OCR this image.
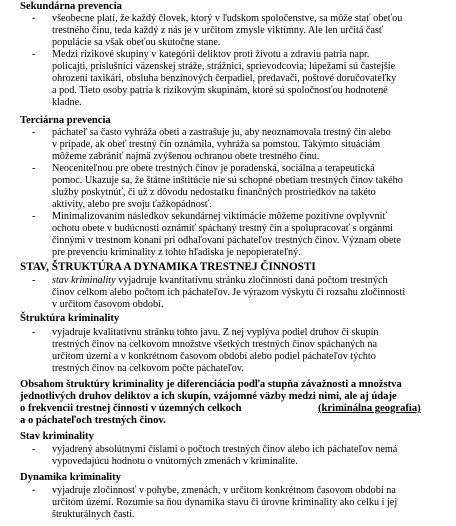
Sekundárna prevencia
- všeobecne platí, že každý človek, ktorý v ľudskom spoločenstve, sa môže stať obeťou
trestného činu, teda každý z nás je v určitom zmysle viktímny. Ale len určitá časť
populácie sa však obeťou skutočne stane.
- Medzi rizikové skupiny v kategórii deliktov proti životu a zdraviu patria napr.
policajti, príslušníci väzenskej stráže, strážnici, sprievodcovia; lúpežami sú častejšie
ohrození taxikári, obsluha benzínových čerpadiel, predavači, poštové doručovateľky
a pod. Tieto osoby patria k rizikovým skupinám, ktoré sú spoločnosťou hodnotené
kladne.
Terciárna prevencia
- páchateľ sa často vyhráža obeti a zastrašuje ju, aby neoznamovala trestný čin alebo
v prípade, ak obeť trestný čin oznámila, vyhráža sa pomstou. Takýmto situáciám
môžeme zabrániť najmä zvýšenou ochranou obete trestného činu.
- Neoceniteľnou pre obete trestných činov je poradenská, sociálna a terapeutická
pomoc. Ukazuje sa, že štátne inštitúcie nie sú schopné obetiam trestných činov takého
služby poskytnúť, či už z dôvodu nedostatku finančných prostriedkov na takéto
aktivity, alebo pre svoju ťažkopádnosť.
- Minimalizovaním následkov sekundárnej viktimácie môžeme pozitívne ovplyvniť
ochotu obete v budúcnosti oznámiť spáchaný trestný čin a spolupracovať s orgánmi
činnými v trestnom konaní pri odhaľovaní páchateľov trestných činov. Význam obete
pre prevenciu kriminality z tohto hľadiska je nepopierateľný.
STAV, ŠTRUKTÚRA A DYNAMIKA TRESTNEJ ČINNOSTI
- stav kriminality vyjadruje kvantitatívnu stránku zločinnosti daná počtom trestných
činov celkom alebo počtom ich páchateľov. Je výrazom výskytu či rozsahu zločinnosti
v určitom časovom období.
Štruktúra kriminality
- vyjadruje kvalitatívnu stránku tohto javu. Z nej vyplýva podiel druhov či skupín
trestných činov na celkovom množstve všetkých trestných činov spáchaných na
určitom území a v konkrétnom časovom období alebo podiel páchateľov týchto
trestných činov na celkovom počte páchateľov.
Obsahom štruktúry kriminality je diferenciácia podľa stupňa závažnosti a množstva
jednotlivých druhov deliktov a ich skupín, vzájomné väzby medzi nimi, ale aj údaje
o frekvencii trestnej činnosti v územných celkoch	(kriminálna geografia)
a o páchateľoch trestných činov.
Stav kriminality
- vyjadrený absolútnymi číslami o počtoch trestných činov alebo ich páchateľov nemá
vypovedajúcu hodnotu o vnútorných zmenách v kriminalite.
Dynamika kriminality
- vyjadruje zločinnosť v pohybe, zmenách, v určitom konkrétnom časovom období na
určitom území. Rozumie sa ňou dynamika stavu či úrovne kriminality ako celku i jej
štrukturálnych častí.
